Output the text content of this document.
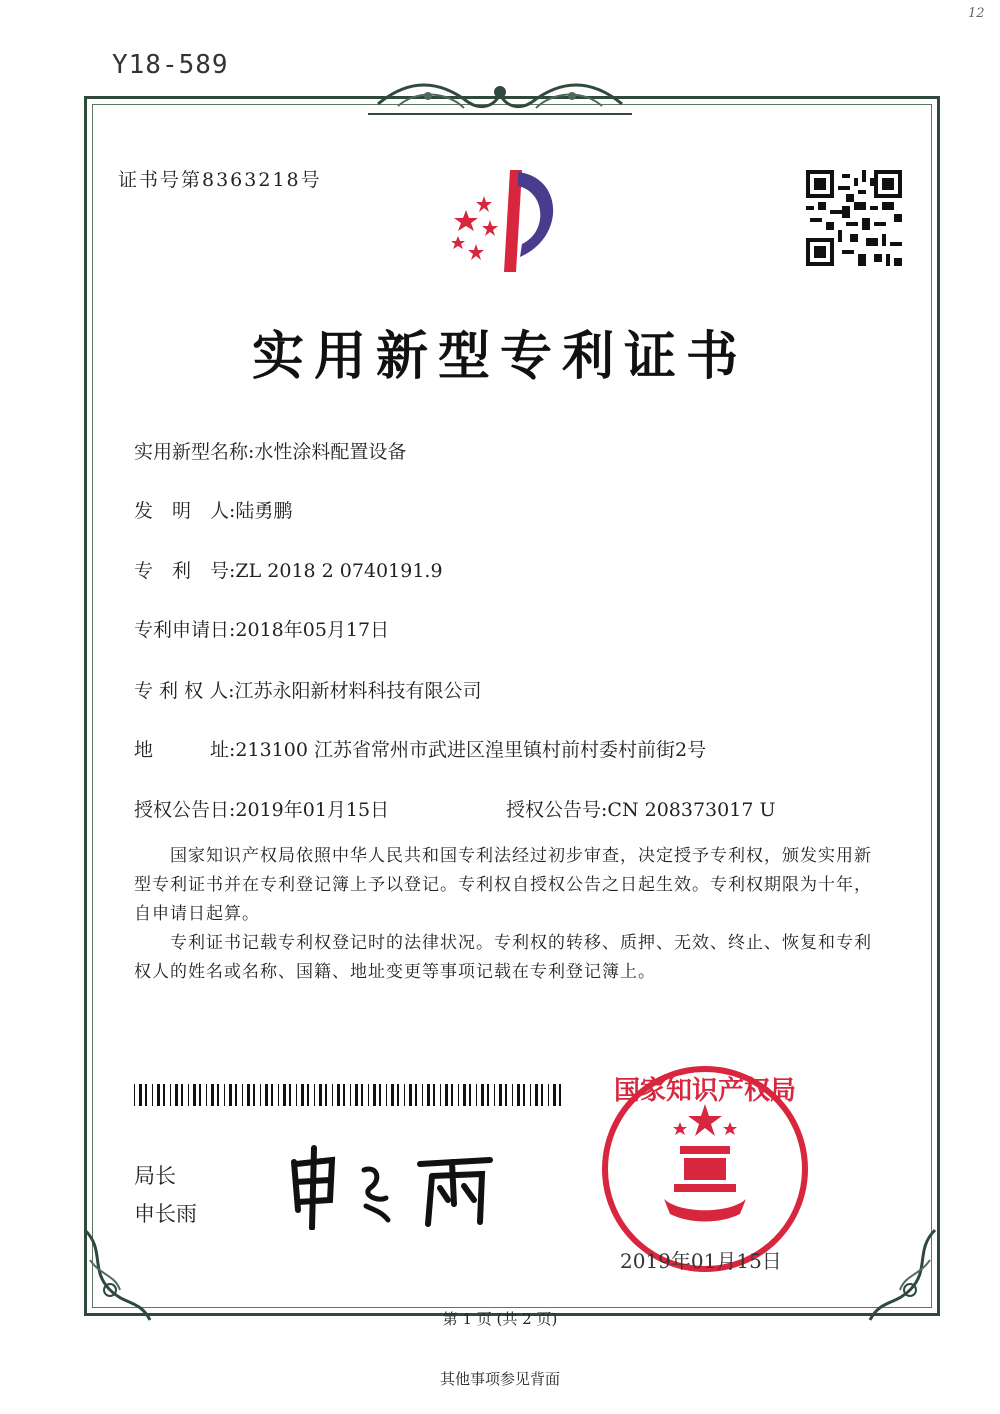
Y18-589
12
证书号第8363218号
实用新型专利证书
实用新型名称:水性涂料配置设备
发　明　人:陆勇鹏
专　利　号:ZL 2018 2 0740191.9
专利申请日:2018年05月17日
专 利 权 人:江苏永阳新材料科技有限公司
地　　　址:213100 江苏省常州市武进区湟里镇村前村委村前街2号
授权公告日:2019年01月15日	授权公告号:CN 208373017 U
国家知识产权局依照中华人民共和国专利法经过初步审查，决定授予专利权，颁发实用新型专利证书并在专利登记簿上予以登记。专利权自授权公告之日起生效。专利权期限为十年，自申请日起算。
专利证书记载专利权登记时的法律状况。专利权的转移、质押、无效、终止、恢复和专利权人的姓名或名称、国籍、地址变更等事项记载在专利登记簿上。
局长
申长雨
国家知识产权局
2019年01月15日
第 1 页 (共 2 页)
其他事项参见背面
